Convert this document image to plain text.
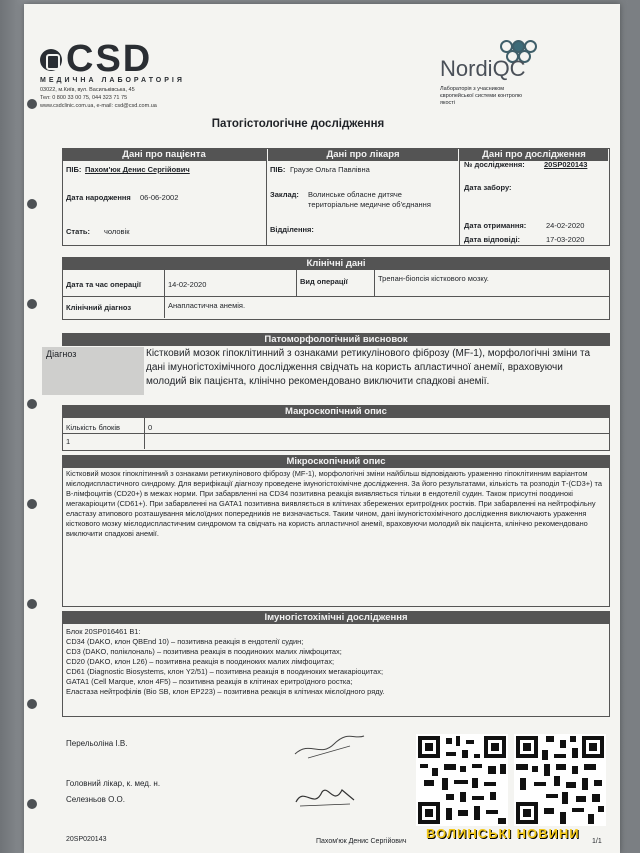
CSD
МЕДИЧНА ЛАБОРАТОРІЯ
03022, м.Київ, вул. Васильківська, 45
Тел: 0 800 33 00 75, 044 323 71 75
www.csdclinic.com.ua, e-mail: csd@csd.com.ua
NordiQC
Лабораторія з учасником європейської системи контролю якості
Патогістологічне дослідження
Дані про пацієнта	Дані про лікаря	Дані про дослідження
ПІБ: Пахом'юк Денис Сергійович
Дата народження 06-06-2002
Стать: чоловік
ПІБ: Граузе Ольга Павлівна
Заклад: Волинське обласне дитяче територіальне медичне об'єднання
Відділення:
№ дослідження:	20SP020143
Дата забору:
Дата отримання:	24-02-2020
Дата відповіді:	17-03-2020
Клінічні дані
Дата та час операції	14-02-2020	Вид операції	Трепан-біопсія кісткового мозку.
Клінічний діагноз	Анапластична анемія.
Патоморфологічний висновок
Діагноз	Кістковий мозок гіпоклітинний з ознаками ретикулінового фіброзу (MF-1), морфологічні зміни та дані імуногістохімічного дослідження свідчать на користь апластичної анемії, враховуючи молодий вік пацієнта, клінічно рекомендовано виключити спадкові анемії.
Макроскопічний опис
Кількість блоків	0
1
Мікроскопічний опис
Кістковий мозок гіпоклітинний з ознаками ретикулінового фіброзу (MF-1), морфологічні зміни найбільш відповідають ураженню гіпоклітинним варіантом мієлодиспластичного синдрому. Для верифікації діагнозу проведене імуногістохімічне дослідження. За його результатами, кількість та розподіл Т-(CD3+) та В-лімфоцитів (CD20+) в межах норми. При забарвленні на CD34 позитивна реакція виявляється тільки в ендотелії судин. Також присутні поодинокі мегакаріоцити (CD61+). При забарвленні на GATA1 позитивна виявляється в клітинах збережених еритроїдних ростків. При забарвленні на нейтрофільну еластазу атипового розташування мієлоїдних попередників не визначається. Таким чином, дані імуногістохімічного дослідження виключають ураження кісткового мозку мієлодиспластичним синдромом та свідчать на користь апластичної анемії, враховуючи молодий вік пацієнта, клінічно рекомендовано виключити спадкові анемії.
Імуногістохімічні дослідження
Блок 20SP016461 B1:
CD34 (DAKO, клон QBEnd 10) – позитивна реакція в ендотелії судин;
CD3 (DAKO, поліклональ) – позитивна реакція в поодиноких малих лімфоцитах;
CD20 (DAKO, клон L26) – позитивна реакція в поодиноких малих лімфоцитах;
CD61 (Diagnostic Biosystems, клон Y2/51) – позитивна реакція в поодиноких мегакаріоцитах;
GATA1 (Cell Marque, клон 4F5) – позитивна реакція в клітинах еритроїдного ростка;
Еластаза нейтрофілів (Bio SB, клон EP223) – позитивна реакція в клітинах мієлоїдного ряду.
Перельоліна І.В.
Головний лікар, к. мед. н.
Селезньов О.О.
20SP020143	Пахом'юк Денис Сергійович	1/1
ВОЛИНСЬКІ НОВИНИ
